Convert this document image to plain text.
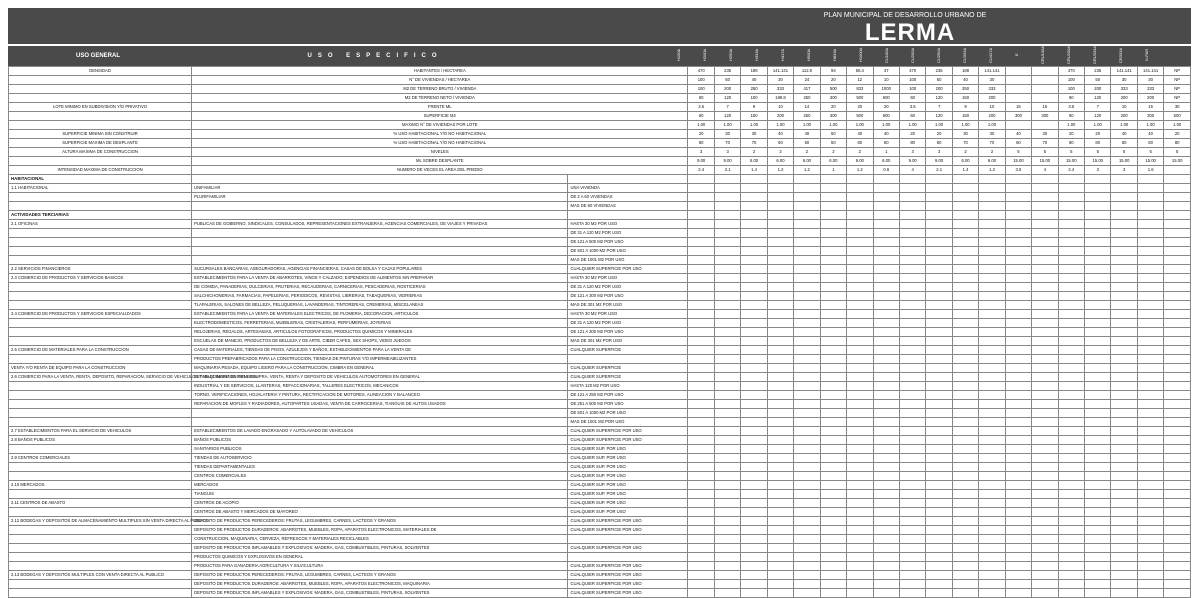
PLAN MUNICIPAL DE DESARROLLO URBANO DE
LERMA
USO GENERAL	USO ESPECIFICO	H100A	H200A	H250A	H333A	H417A	H500A	H833A	H1000A	CU100A	CU200A	CU250A	CU333A	CU417A	E	CRU100A	CRU200A	CRU333A	CR333A	N-PAR
DENSIDAD	HABITANTES / HECTAREA		470	235	188	141.141	112.8	94	56.4	47	470	235	188	141.141			470	235	141.141	141.141	NP
	N° DE VIVIENDAS / HECTAREA		100	50	40	30	24	20	12	10	100	50	40	30			100	50	30	30	NP
	M2 DE TERRENO BRUTO / VIVIENDA		100	200	250	333	417	500	833	1000	100	200	250	333			100	200	333	333	NP
	M2 DE TERRENO NETO / VIVIENDA		60	120	150	199.8	250	300	500	600	60	120	150	200			60	120	200	200	NP
LOTE MINIMO EN SUBDIVISION Y/O PRIVATIVO	FRENTE ML		3.5	7	9	10	14	20	20	20	3.5	7	9	10	15	15	3.5	7	10	15	30
	SUPERFICIE M2		60	120	150	200	250	300	500	600	60	120	150	200	300	300	60	120	200	300	500
	MAXIMO N° DE VIVIENDAS POR LOTE		1.00	1.00	1.00	1.00	1.00	1.00	1.00	1.00	1.00	1.00	1.00	1.00			1.00	1.00	1.00	1.00	1.00
SUPERFICIE MINIMA SIN CONSTRUIR	% USO HABITACIONAL Y/O NO HABITACIONAL		20	30	30	40	40	50	40	40	20	20	30	30	40	30	20	20	40	40	20
SUPERFICIE MAXIMA DE DESPLANTE	% USO HABITACIONAL Y/O NO HABITACIONAL		80	70	70	60	60	50	60	60	80	80	70	70	60	70	80	80	60	60	80
ALTURA MAXIMA DE CONSTRUCCION	NIVELES		3	3	2	2	2	2	2	1	3	3	2	2	5	5	5	5	5	5	5
	ML SOBRE DESPLANTE		9.00	9.00	6.00	6.00	6.00	6.00	6.00	6.00	9.00	9.00	6.00	6.00	15.00	15.00	15.00	15.00	15.00	15.00	15.00
INTENSIDAD MAXIMA DE CONSTRUCCION	NUMERO DE VECES EL AREA DEL PREDIO		2.4	2.1	1.4	1.2	1.2	1	1.2	0.6	4	2.1	1.4	1.2	3.5	4	2.4	3	3	1.6	
HABITACIONAL																					
1.1 HABITACIONAL	UNIFAMILIAR	UNA VIVIENDA																			
	PLURIFAMILIAR	DE 2 A 60 VIVIENDAS																			
		MAS DE 60 VIVIENDAS																			
ACTIVIDADES TERCIARIAS																					
2.1 OFICINAS	PUBLICAS DE GOBIERNO, SINDICALES, CONSULADOS, REPRESENTACIONES EXTRANJERAS, AGENCIAS COMERCIALES, DE VIAJES Y PRIVADAS	HASTA 30 M2 POR USO																			
		DE 31 A 120 M2 POR USO																			
		DE 121 A 500 M2 POR USO																			
		DE 501 A 1000 M2 POR USO																			
		MAS DE 1001 M2 POR USO																			
2.2 SERVICIOS FINANCIEROS	SUCURSALES BANCARIAS, ASEGURADORAS, AGENCIAS FINANCIERAS, CASAS DE BOLSA Y CAJAS POPULARES	CUALQUIER SUPERFICIE POR USO																			
2.3 COMERCIO DE PRODUCTOS Y SERVICIOS BASICOS	ESTABLECIMIENTOS PARA LA VENTA DE ABARROTES, VINOS Y CALZADO; EXPENDIOS DE ALIMENTOS SIN PREPARAR	HASTA 30 M2 POR USO																			
	DE COMIDA, PANADERIAS, DULCERIAS, FRUTERIAS, RECAUDERIAS, CARNICERIAS, PESCADERIAS, ROSTICERIAS	DE 31 A 120 M2 POR USO																			
	SALCHICHONERIAS, FARMACIAS, PAPELERIAS, PERIODICOS, REVISTAS, LIBRERIAS, TABAQUERIAS, VIDRIERIAS	DE 121 A 300 M2 POR USO																			
	TLAPALERIAS, SALONES DE BELLEZA, PELUQUERIAS, LAVANDERIAS, TINTORERIAS, CREMERIAS, MISCELANEAS	MAS DE 301 M2 POR USO																			
2.4 COMERCIO DE PRODUCTOS Y SERVICIOS ESPECIALIZADOS	ESTABLECIMIENTOS PARA LA VENTA DE MATERIALES ELECTRICOS, DE PLOMERIA, DECORACION, ARTICULOS	HASTA 30 M2 POR USO																			
	ELECTRODOMESTICOS, FERRETERIAS, MUEBLERIAS, CRISTALERIAS, PERFUMERIAS, JOYERIAS	DE 31 A 120 M2 POR USO																			
	RELOJERIAS, REGALOS, ARTESANIAS, ARTICULOS FOTOGRAFICOS, PRODUCTOS QUIMICOS Y MINERALES	DE 121 A 300 M2 POR USO																			
	ESCUELAS DE MANEJO, PRODUCTOS DE BELLEZA Y DE ARTE, CIBER CAFES, SEX SHOPS, VIDEO JUEGOS	MAS DE 301 M2 POR USO																			
2.5 COMERCIO DE MATERIALES PARA LA CONSTRUCCION	CASAS DE MATERIALES, TIENDAS DE PISOS, AZULEJOS Y BAÑOS, ESTABLECIMIENTOS PARA LA VENTA DE	CUALQUIER SUPERFICIE																			
	PRODUCTOS PREFABRICADOS PARA LA CONSTRUCCION, TIENDAS DE PINTURAS Y/O IMPERMEABILIZANTES																				
VENTA Y/O RENTA DE EQUIPO PARA LA CONSTRUCCION	MAQUINARIA PESADA, EQUIPO LIGERO PARA LA CONSTRUCCION, CIMBRA EN GENERAL	CUALQUIER SUPERFICIE																			
2.6 COMERCIO PARA LA VENTA, RENTA, DEPOSITO, REPARACION, SERVICIO DE VEHICULOS Y MAQUINARIA EN GENERAL	ESTABLECIMIENTOS PARA COMPRA, VENTA, RENTA Y DEPOSITO DE VEHICULOS AUTOMOTORES EN GENERAL	CUALQUIER SUPERFICIE																			
	INDUSTRIAL Y DE SERVICIOS, LLANTERAS, REFACCIONARIAS, TALLERES ELECTRICOS, MECANICOS	HASTA 120 M2 POR USO																			
	TORNO, VERIFICACIONES, HOJALATERIA Y PINTURA, RECTIFICACION DE MOTORES, ALINEACION Y BALANCEO	DE 121 A 250 M2 POR USO																			
	REPARACION DE MOFLES Y RADIADORES, AUTOPARTES USADAS, VENTA DE CARROCERIAS, TIANGUIS DE AUTOS USADOS	DE 251 A 500 M2 POR USO																			
		DE 501 A 1000 M2 POR USO																			
		MAS DE 1001 M2 POR USO																			
2.7 ESTABLECIMIENTOS PARA EL SERVICIO DE VEHICULOS	ESTABLECIMIENTOS DE LAVADO ENGRASADO Y AUTOLAVADO DE VEHICULOS	CUALQUIER SUPERFICIE POR USO																			
2.8 BAÑOS PUBLICOS	BAÑOS PUBLICOS	CUALQUIER SUPERFICIE POR USO																			
	SANITARIOS PUBLICOS	CUALQUIER SUP. POR USO																			
2.9 CENTROS COMERCIALES	TIENDAS DE AUTOSERVICIO	CUALQUIER SUP. POR USO																			
	TIENDAS DEPARTAMENTALES	CUALQUIER SUP. POR USO																			
	CENTROS COMERCIALES	CUALQUIER SUP. POR USO																			
2.10 MERCADOS	MERCADOS	CUALQUIER SUP. POR USO																			
	TIANGUIS	CUALQUIER SUP. POR USO																			
2.11 CENTROS DE ABASTO	CENTROS DE ACOPIO	CUALQUIER SUP. POR USO																			
	CENTROS DE ABASTO Y MERCADOS DE MAYOREO	CUALQUIER SUP. POR USO																			
2.12 BODEGAS Y DEPOSITOS DE ALMACENAMIENTO MULTIPLES SIN VENTA DIRECTA AL PUBLICO	DEPOSITO DE PRODUCTOS PERECEDEROS: FRUTAS, LEGUMBRES, CARNES, LACTEOS Y GRANOS	CUALQUIER SUPERFICIE POR USO																			
	DEPOSITO DE PRODUCTOS DURADEROS: ABARROTES, MUEBLES, ROPA, APARATOS ELECTRONICOS, MATERIALES DE	CUALQUIER SUPERFICIE POR USO																			
	CONSTRUCCION, MAQUINARIA, CERVEZA, REFRESCOS Y MATERIALES RECICLABLES																				
	DEPOSITO DE PRODUCTOS INFLAMABLES Y EXPLOSIVOS: MADERA, GAS, COMBUSTIBLES, PINTURAS, SOLVENTES	CUALQUIER SUPERFICIE POR USO																			
	PRODUCTOS QUIMICOS Y EXPLOSIVOS EN GENERAL																				
	PRODUCTOS PARA GANADERIA AGRICULTURA Y SILVICULTURA	CUALQUIER SUPERFICIE POR USO																			
2.13 BODEGAS Y DEPOSITOS MULTIPLES CON VENTA DIRECTA AL PUBLICO	DEPOSITO DE PRODUCTOS PERECEDEROS: FRUTAS, LEGUMBRES, CARNES, LACTEOS Y GRANOS	CUALQUIER SUPERFICIE POR USO																			
	DEPOSITO DE PRODUCTOS DURADEROS: ABARROTES, MUEBLES, ROPA, APARATOS ELECTRONICOS, MAQUINARIA	CUALQUIER SUPERFICIE POR USO																			
	DEPOSITO DE PRODUCTOS INFLAMABLES Y EXPLOSIVOS: MADERA, GAS, COMBUSTIBLES, PINTURAS, SOLVENTES	CUALQUIER SUPERFICIE POR USO																			
